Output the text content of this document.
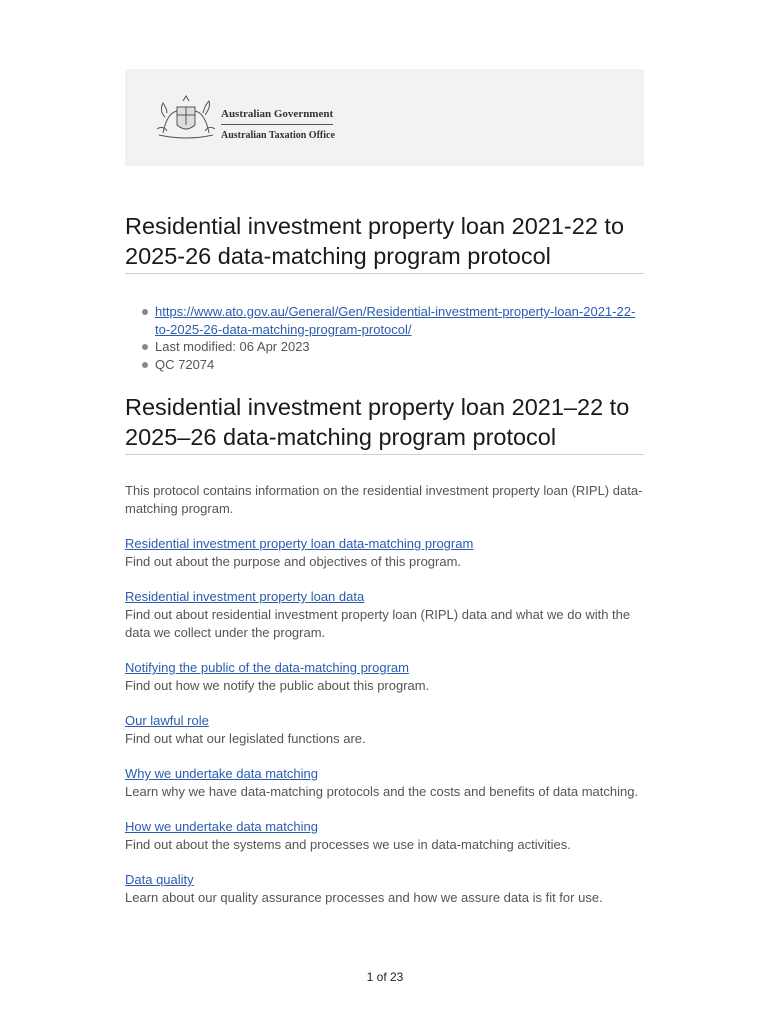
Australian Government
Australian Taxation Office
Residential investment property loan 2021-22 to 2025-26 data-matching program protocol
https://www.ato.gov.au/General/Gen/Residential-investment-property-loan-2021-22-to-2025-26-data-matching-program-protocol/
Last modified: 06 Apr 2023
QC 72074
Residential investment property loan 2021–22 to 2025–26 data-matching program protocol

This protocol contains information on the residential investment property loan (RIPL) data-matching program.

Residential investment property loan data-matching program
Find out about the purpose and objectives of this program.
Residential investment property loan data
Find out about residential investment property loan (RIPL) data and what we do with the data we collect under the program.
Notifying the public of the data-matching program
Find out how we notify the public about this program.
Our lawful role
Find out what our legislated functions are.
Why we undertake data matching
Learn why we have data-matching protocols and the costs and benefits of data matching.
How we undertake data matching
Find out about the systems and processes we use in data-matching activities.
Data quality
Learn about our quality assurance processes and how we assure data is fit for use.
1 of 23
